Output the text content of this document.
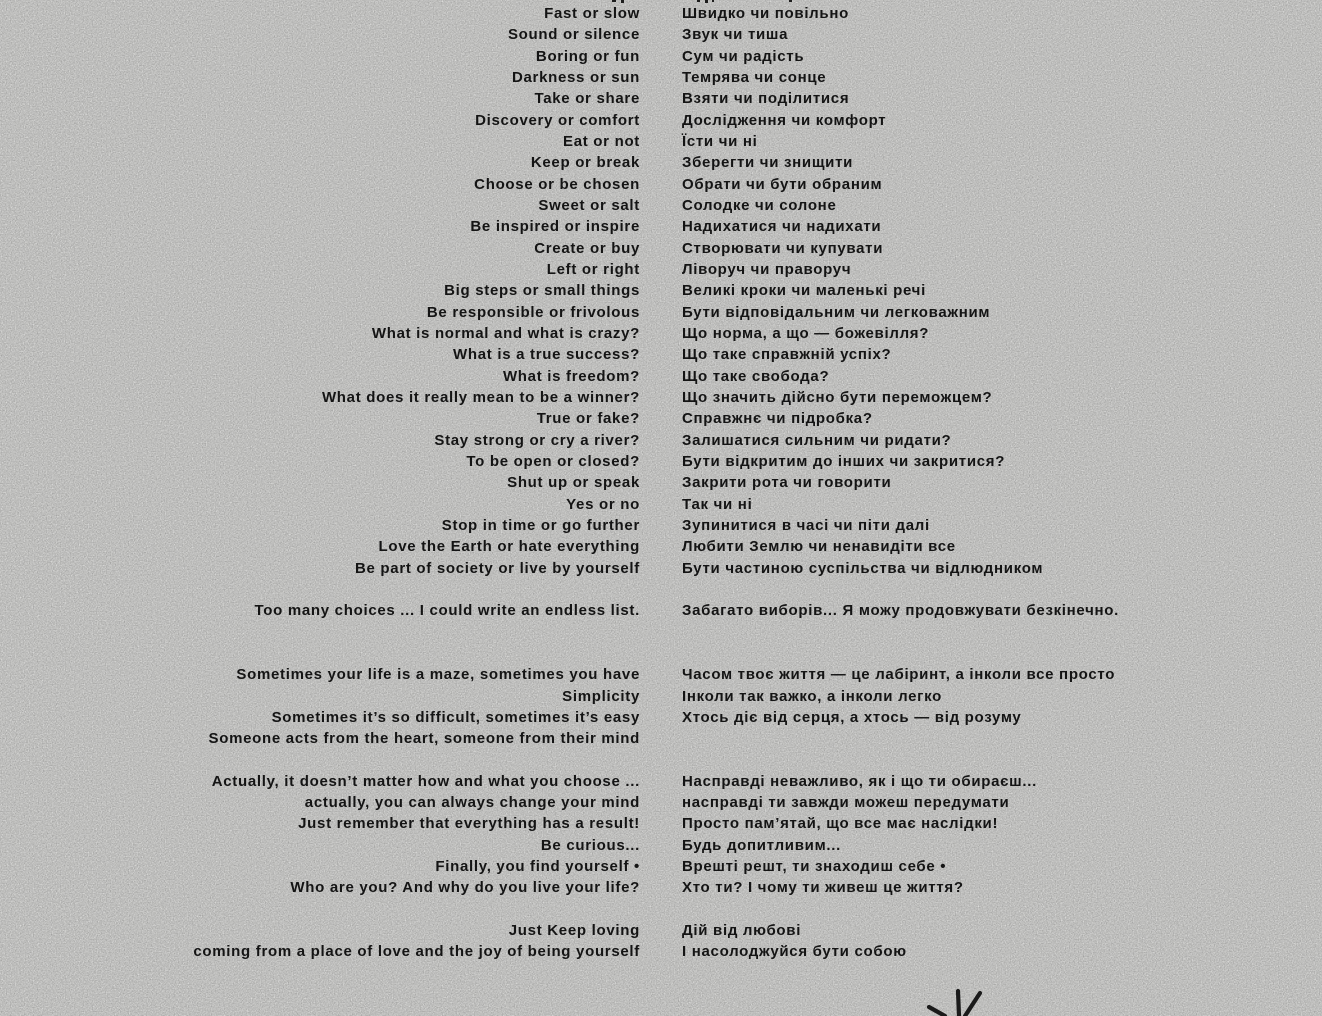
Fast or slow	Швидко чи повільно
Sound or silence	Звук чи тиша
Boring or fun	Сум чи радість
Darkness or sun	Темрява чи сонце
Take or share	Взяти чи поділитися
Discovery or comfort	Дослідження чи комфорт
Eat or not	Їсти чи ні
Keep or break	Зберегти чи знищити
Choose or be chosen	Обрати чи бути обраним
Sweet or salt	Солодке чи солоне
Be inspired or inspire	Надихатися чи надихати
Create or buy	Створювати чи купувати
Left or right	Ліворуч чи праворуч
Big steps or small things	Великі кроки чи маленькі речі
Be responsible or frivolous	Бути відповідальним чи легковажним
What is normal and what is crazy?	Що норма, а що — божевілля?
What is a true success?	Що таке справжній успіх?
What is freedom?	Що таке свобода?
What does it really mean to be a winner?	Що значить дійсно бути переможцем?
True or fake?	Справжнє чи підробка?
Stay strong or cry a river?	Залишатися сильним чи ридати?
To be open or closed?	Бути відкритим до інших чи закритися?
Shut up or speak	Закрити рота чи говорити
Yes or no	Так чи ні
Stop in time or go further	Зупинитися в часі чи піти далі
Love the Earth or hate everything	Любити Землю чи ненавидіти все
Be part of society or live by yourself	Бути частиною суспільства чи відлюдником
Too many choices ... I could write an endless list.	Забагато виборів... Я можу продовжувати безкінечно.
Sometimes your life is a maze, sometimes you have	Часом твоє життя — це лабіринт, а інколи все просто
Simplicity	Інколи так важко, а інколи легко
Sometimes it’s so difficult, sometimes it’s easy	Хтось діє від серця, а хтось — від розуму
Someone acts from the heart, someone from their mind
Actually, it doesn’t matter how and what you choose ...	Насправді неважливо, як і що ти обираєш...
actually, you can always change your mind	насправді ти завжди можеш передумати
Just remember that everything has a result!	Просто пам’ятай, що все має наслідки!
Be curious...	Будь допитливим...
Finally, you find yourself •	Врешті решт, ти знаходиш себе •
Who are you? And why do you live your life?	Хто ти? І чому ти живеш це життя?
Just Keep loving	Дій від любові
coming from a place of love and the joy of being yourself	І насолоджуйся бути собою
